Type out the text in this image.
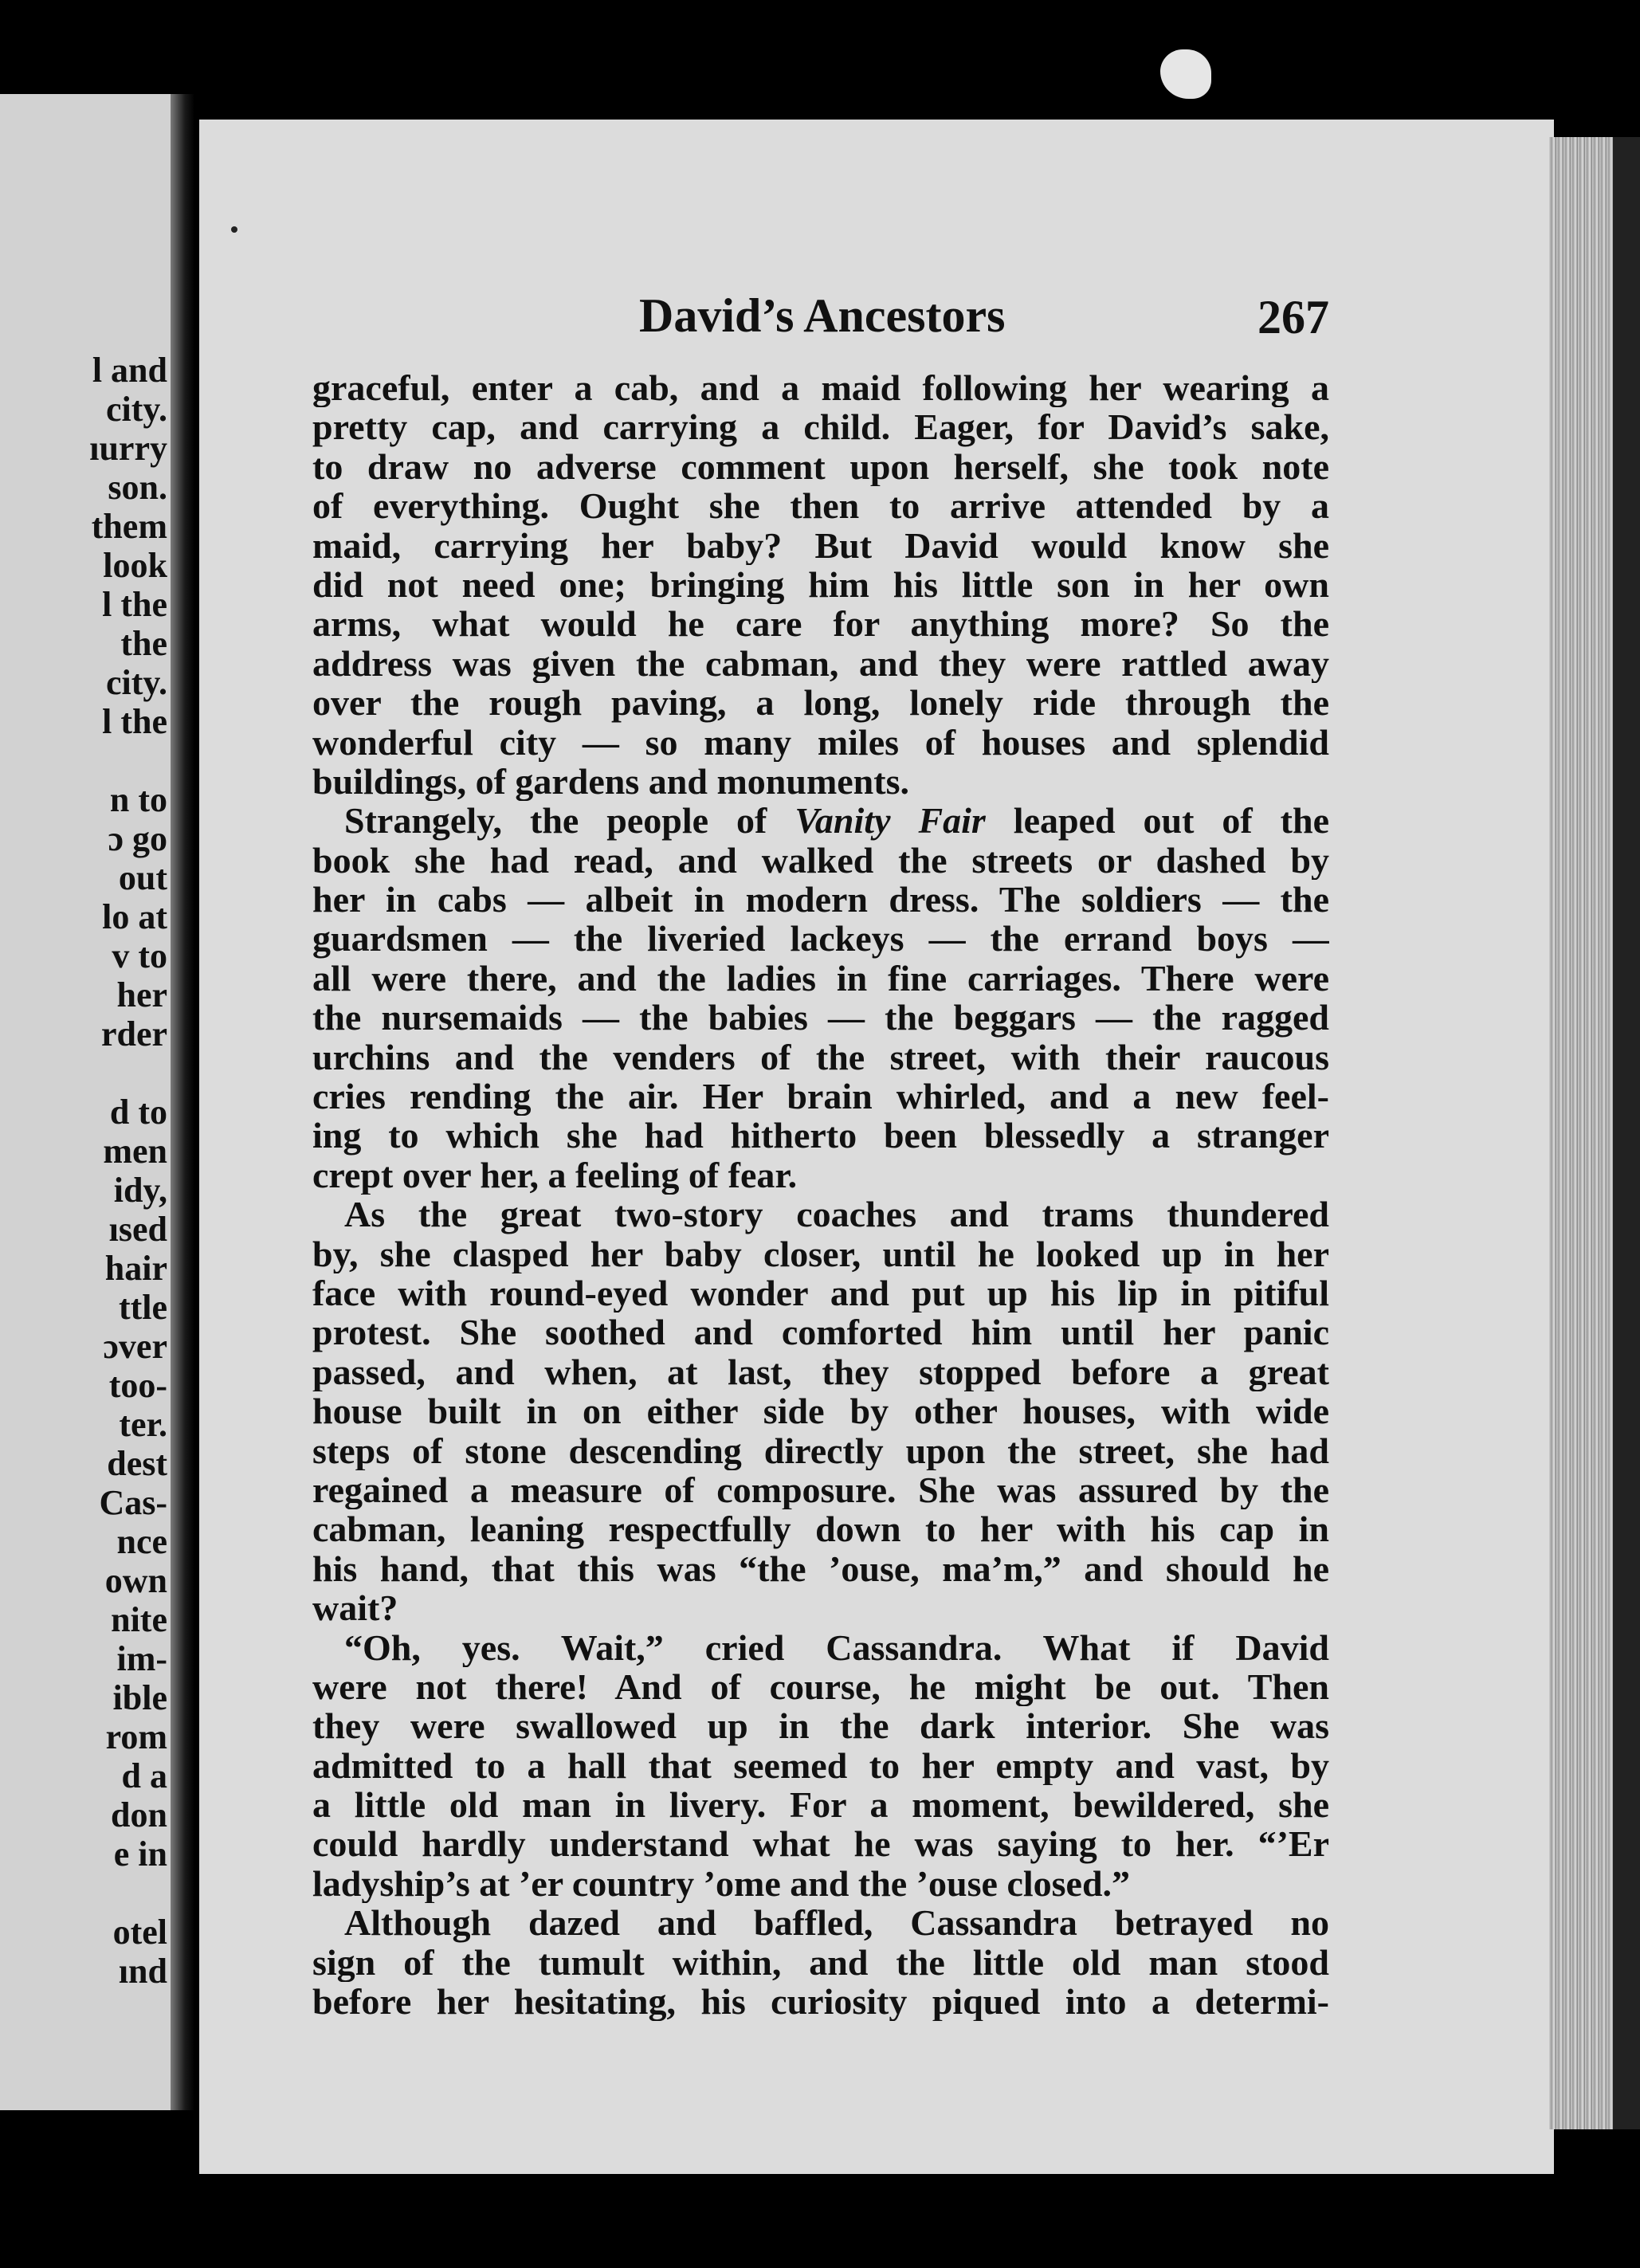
l and
city.
ıurry
son.
them
look
l the
the
city.
l the

n to
ɔ go
out
lo at
v to
her
rder

d to
men
idy,
ısed
hair
ttle
ɔver
too-
ter.
dest
Cas-
nce
own
nite
im-
ible
rom
d a
don
e in

otel
ınd
David’s Ancestors	267
graceful, enter a cab, and a maid following her wearing a
pretty cap, and carrying a child. Eager, for David’s sake,
to draw no adverse comment upon herself, she took note
of everything. Ought she then to arrive attended by a
maid, carrying her baby? But David would know she
did not need one; bringing him his little son in her own
arms, what would he care for anything more? So the
address was given the cabman, and they were rattled away
over the rough paving, a long, lonely ride through the
wonderful city — so many miles of houses and splendid
buildings, of gardens and monuments.
Strangely, the people of Vanity Fair leaped out of the
book she had read, and walked the streets or dashed by
her in cabs — albeit in modern dress. The soldiers — the
guardsmen — the liveried lackeys — the errand boys —
all were there, and the ladies in fine carriages. There were
the nursemaids — the babies — the beggars — the ragged
urchins and the venders of the street, with their raucous
cries rending the air. Her brain whirled, and a new feel-
ing to which she had hitherto been blessedly a stranger
crept over her, a feeling of fear.
As the great two-story coaches and trams thundered
by, she clasped her baby closer, until he looked up in her
face with round-eyed wonder and put up his lip in pitiful
protest. She soothed and comforted him until her panic
passed, and when, at last, they stopped before a great
house built in on either side by other houses, with wide
steps of stone descending directly upon the street, she had
regained a measure of composure. She was assured by the
cabman, leaning respectfully down to her with his cap in
his hand, that this was “the ’ouse, ma’m,” and should he
wait?
“Oh, yes. Wait,” cried Cassandra. What if David
were not there! And of course, he might be out. Then
they were swallowed up in the dark interior. She was
admitted to a hall that seemed to her empty and vast, by
a little old man in livery. For a moment, bewildered, she
could hardly understand what he was saying to her. “’Er
ladyship’s at ’er country ’ome and the ’ouse closed.”
Although dazed and baffled, Cassandra betrayed no
sign of the tumult within, and the little old man stood
before her hesitating, his curiosity piqued into a determi-
